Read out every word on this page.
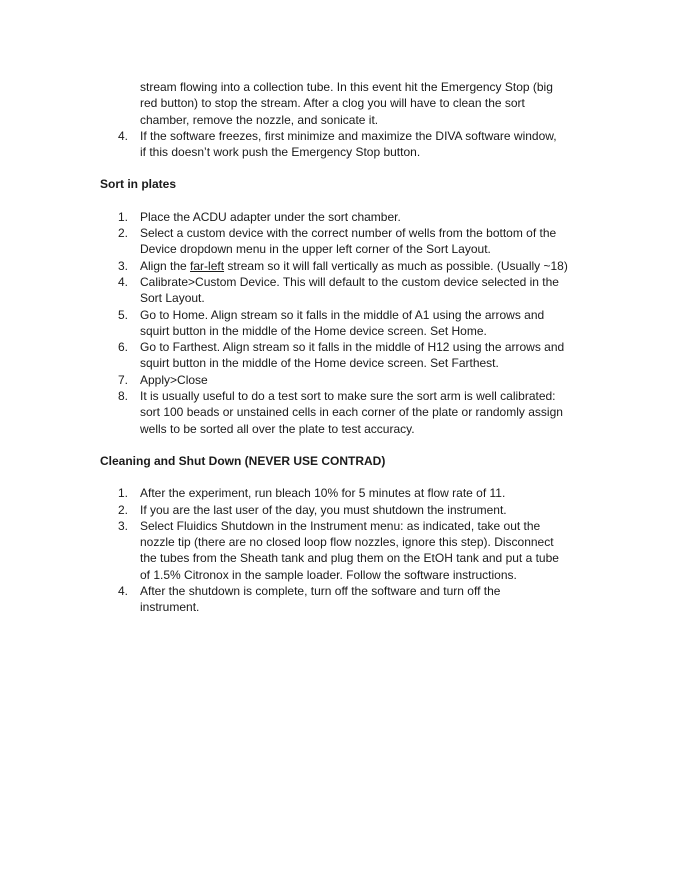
stream flowing into a collection tube. In this event hit the Emergency Stop (big
red button) to stop the stream. After a clog you will have to clean the sort
chamber, remove the nozzle, and sonicate it.

4. If the software freezes, first minimize and maximize the DIVA software window,
if this doesn’t work push the Emergency Stop button.

Sort in plates

1. Place the ACDU adapter under the sort chamber.
2. Select a custom device with the correct number of wells from the bottom of the
Device dropdown menu in the upper left corner of the Sort Layout.
3. Align the far-left stream so it will fall vertically as much as possible. (Usually ~18)
4. Calibrate>Custom Device. This will default to the custom device selected in the
Sort Layout.
5. Go to Home. Align stream so it falls in the middle of A1 using the arrows and
squirt button in the middle of the Home device screen. Set Home.
6. Go to Farthest. Align stream so it falls in the middle of H12 using the arrows and
squirt button in the middle of the Home device screen. Set Farthest.
7. Apply>Close
8. It is usually useful to do a test sort to make sure the sort arm is well calibrated:
sort 100 beads or unstained cells in each corner of the plate or randomly assign
wells to be sorted all over the plate to test accuracy.

Cleaning and Shut Down (NEVER USE CONTRAD)

1. After the experiment, run bleach 10% for 5 minutes at flow rate of 11.
2. If you are the last user of the day, you must shutdown the instrument.
3. Select Fluidics Shutdown in the Instrument menu: as indicated, take out the
nozzle tip (there are no closed loop flow nozzles, ignore this step). Disconnect
the tubes from the Sheath tank and plug them on the EtOH tank and put a tube
of 1.5% Citronox in the sample loader. Follow the software instructions.
4. After the shutdown is complete, turn off the software and turn off the
instrument.
